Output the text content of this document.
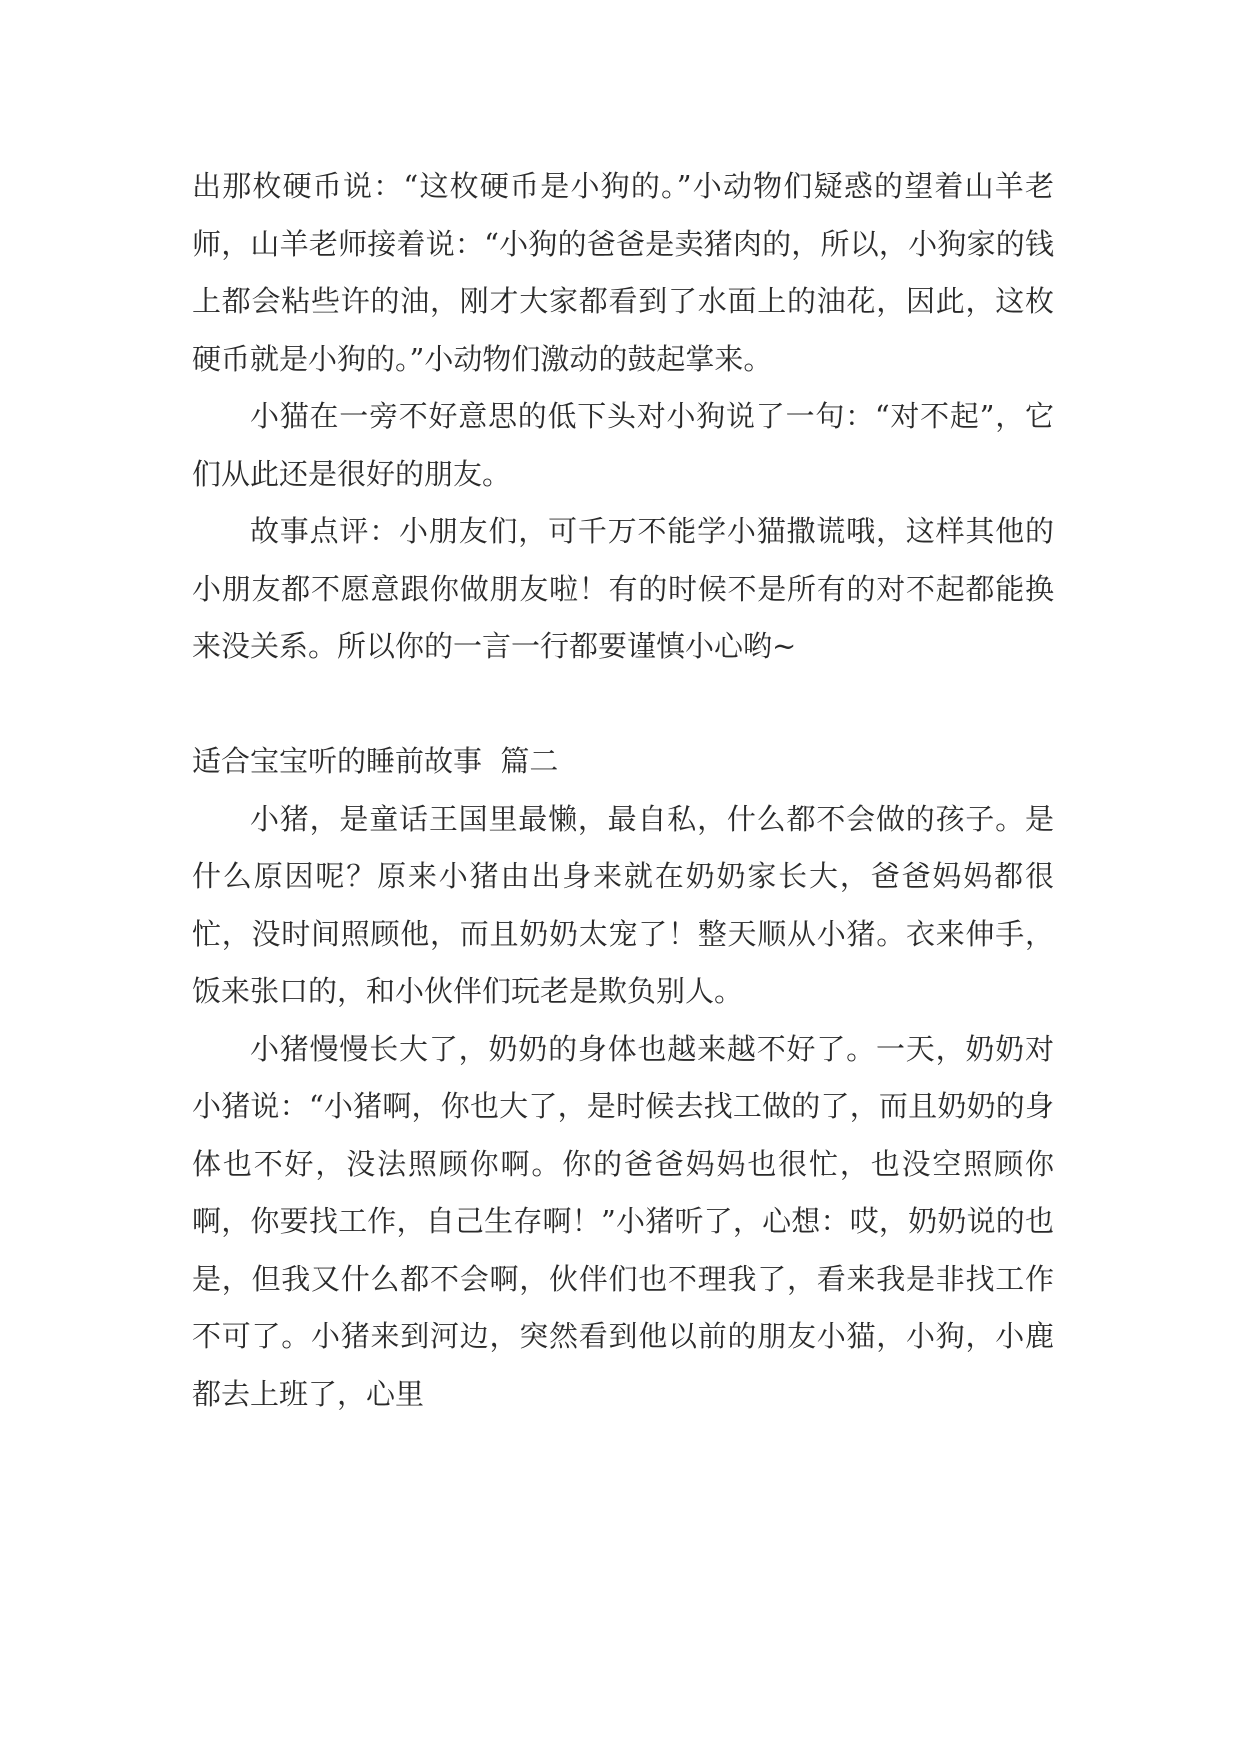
出那枚硬币说：“这枚硬币是小狗的。”小动物们疑惑的望着山羊老师，山羊老师接着说：“小狗的爸爸是卖猪肉的，所以，小狗家的钱上都会粘些许的油，刚才大家都看到了水面上的油花，因此，这枚硬币就是小狗的。”小动物们激动的鼓起掌来。

小猫在一旁不好意思的低下头对小狗说了一句：“对不起”，它们从此还是很好的朋友。

故事点评：小朋友们，可千万不能学小猫撒谎哦，这样其他的小朋友都不愿意跟你做朋友啦！有的时候不是所有的对不起都能换来没关系。所以你的一言一行都要谨慎小心哟~

适合宝宝听的睡前故事  篇二

小猪，是童话王国里最懒，最自私，什么都不会做的孩子。是什么原因呢？原来小猪由出身来就在奶奶家长大，爸爸妈妈都很忙，没时间照顾他，而且奶奶太宠了！整天顺从小猪。衣来伸手，饭来张口的，和小伙伴们玩老是欺负别人。

小猪慢慢长大了，奶奶的身体也越来越不好了。一天，奶奶对小猪说：“小猪啊，你也大了，是时候去找工做的了，而且奶奶的身体也不好，没法照顾你啊。你的爸爸妈妈也很忙，也没空照顾你啊，你要找工作，自己生存啊！”小猪听了，心想：哎，奶奶说的也是，但我又什么都不会啊，伙伴们也不理我了，看来我是非找工作不可了。小猪来到河边，突然看到他以前的朋友小猫，小狗，小鹿都去上班了，心里
